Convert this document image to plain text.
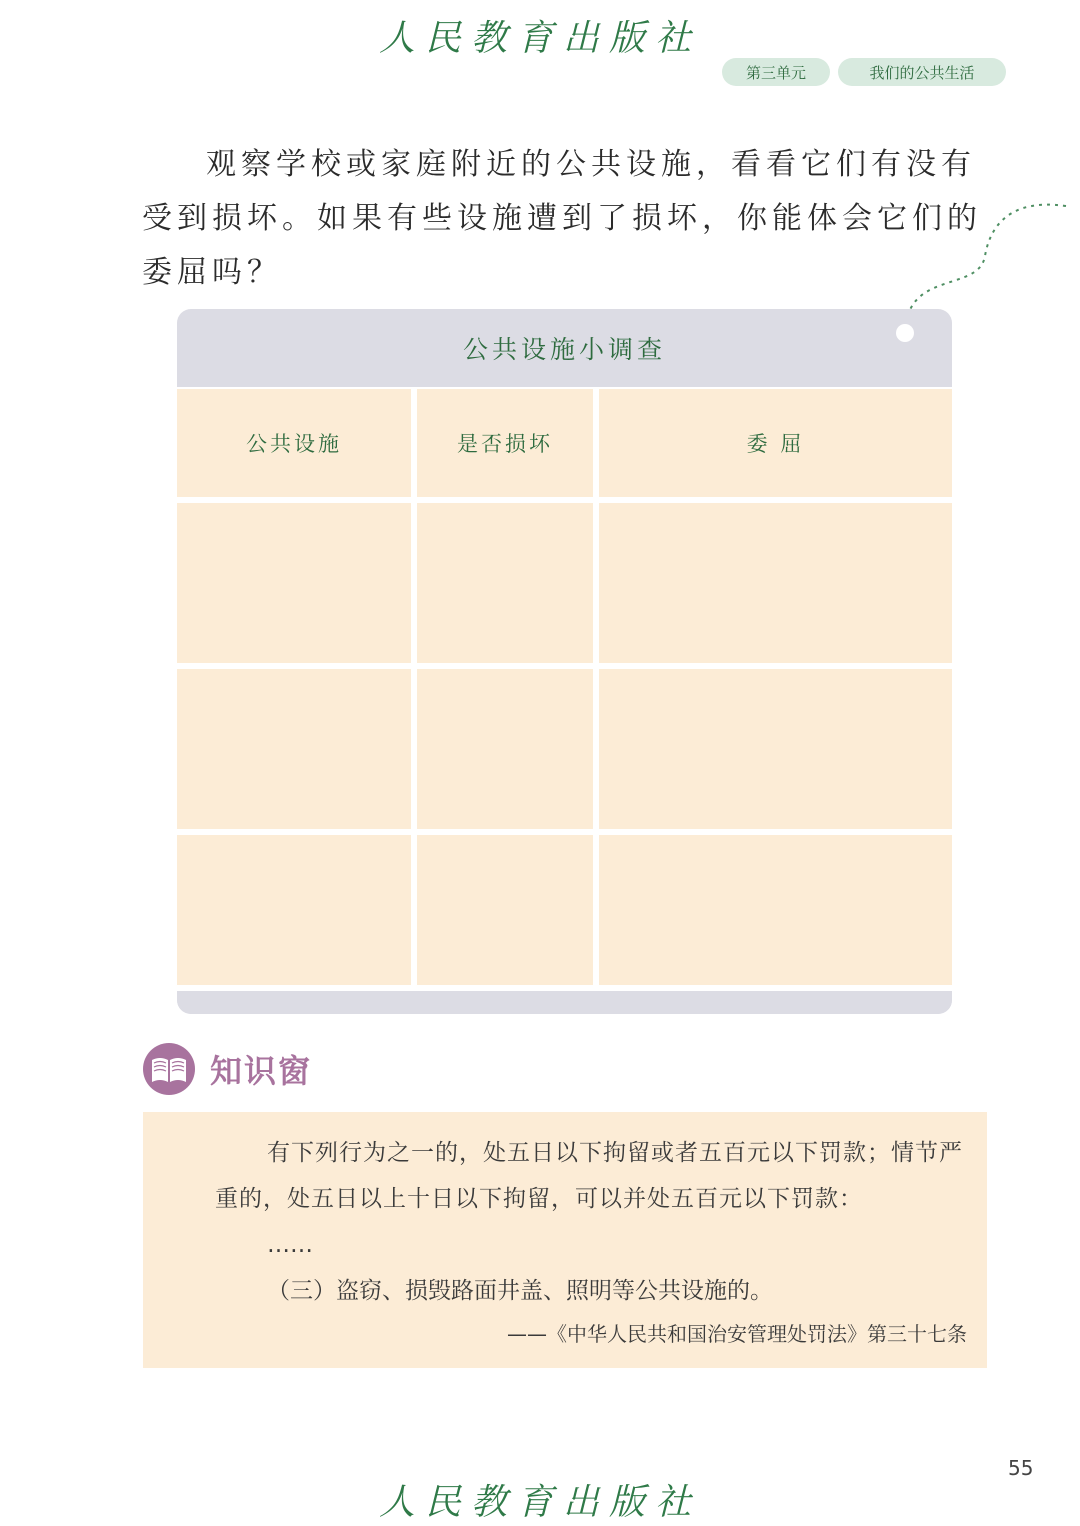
人民教育出版社
第三单元	我们的公共生活

观察学校或家庭附近的公共设施，看看它们有没有受到损坏。如果有些设施遭到了损坏，你能体会它们的委屈吗？

公共设施小调查
公共设施	是否损坏	委 屈
知识窗

有下列行为之一的，处五日以下拘留或者五百元以下罚款；情节严重的，处五日以上十日以下拘留，可以并处五百元以下罚款：

……
（三）盗窃、损毁路面井盖、照明等公共设施的。
——《中华人民共和国治安管理处罚法》第三十七条
55
人民教育出版社
